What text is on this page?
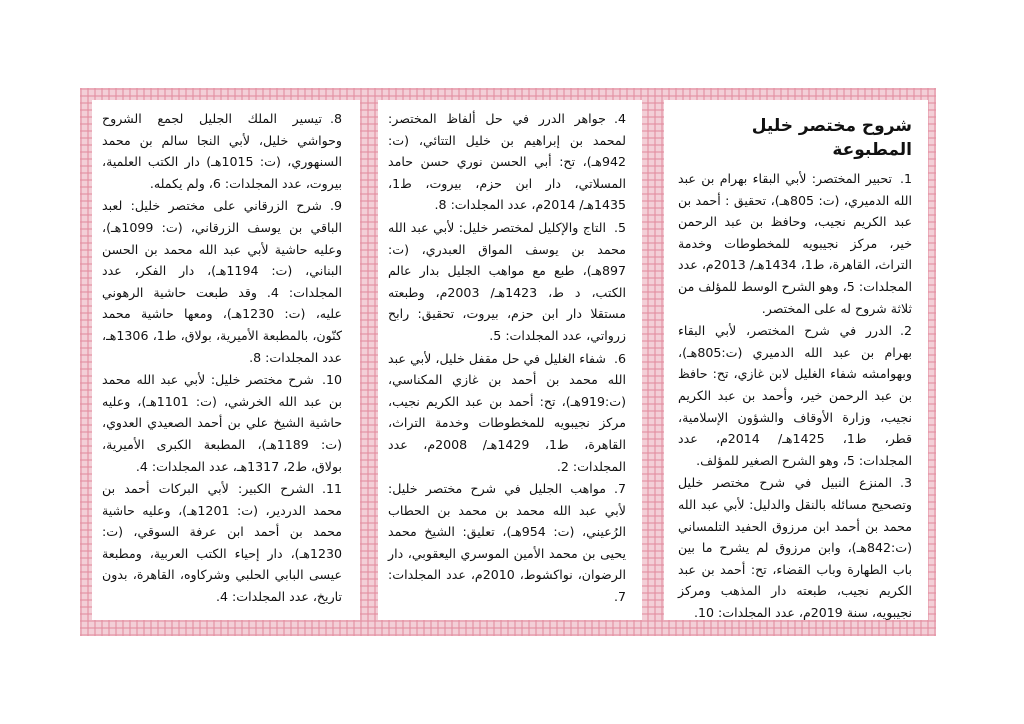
شروح مختصر خليل المطبوعة
1.تحبير المختصر: لأبي البقاء بهرام بن عبد الله الدميري، (ت: 805هـ)، تحقيق : أحمد بن عبد الكريم نجيب، وحافظ بن عبد الرحمن خير، مركز نجيبويه للمخطوطات وخدمة التراث، القاهرة، ط1، 1434هـ/ 2013م، عدد المجلدات: 5، وهو الشرح الوسط للمؤلف من ثلاثة شروح له على المختصر.
2.الدرر في شرح المختصر، لأبي البقاء بهرام بن عبد الله الدميري (ت:805هـ)، وبهوامشه شفاء الغليل لابن غازي، تح: حافظ بن عبد الرحمن خير، وأحمد بن عبد الكريم نجيب، وزارة الأوقاف والشؤون الإسلامية، قطر، ط1، 1425هـ/ 2014م، عدد المجلدات: 5، وهو الشرح الصغير للمؤلف.
3.المنزع النبيل في شرح مختصر خليل وتصحيح مسائله بالنقل والدليل: لأبي عبد الله محمد بن أحمد ابن مرزوق الحفيد التلمساني (ت:842هـ)، وابن مرزوق لم يشرح ما بين باب الطهارة وباب القضاء، تح: أحمد بن عبد الكريم نجيب، طبعته دار المذهب ومركز نجيبويه، سنة 2019م، عدد المجلدات: 10.
4.جواهر الدرر في حل ألفاظ المختصر: لمحمد بن إبراهيم بن خليل التتائي، (ت: 942هـ)، تح: أبي الحسن نوري حسن حامد المسلاتي، دار ابن حزم، بيروت، ط1، 1435هـ/ 2014م، عدد المجلدات: 8.
5.التاج والإكليل لمختصر خليل: لأبي عبد الله محمد بن يوسف المواق العبدري، (ت: 897هـ)، طبع مع مواهب الجليل بدار عالم الكتب، د ط، 1423هـ/ 2003م، وطبعته مستقلا دار ابن حزم، بيروت، تحقيق: رابح زرواتي، عدد المجلدات: 5.
6.شفاء الغليل في حل مقفل خليل، لأبي عبد الله محمد بن أحمد بن غازي المكناسي، (ت:919هـ)، تح: أحمد بن عبد الكريم نجيب، مركز نجيبويه للمخطوطات وخدمة التراث، القاهرة، ط1، 1429هـ/ 2008م، عدد المجلدات: 2.
7.مواهب الجليل في شرح مختصر خليل: لأبي عبد الله محمد بن محمد بن الحطاب الرُعيني، (ت: 954هـ)، تعليق: الشيخ محمد يحيى بن محمد الأمين الموسري اليعقوبي، دار الرضوان، نواكشوط، 2010م، عدد المجلدات: 7.
8.تيسير الملك الجليل لجمع الشروح وحواشي خليل، لأبي النجا سالم بن محمد السنهوري، (ت: 1015هـ) دار الكتب العلمية، بيروت، عدد المجلدات: 6، ولم يكمله.
9.شرح الزرقاني على مختصر خليل: لعبد الباقي بن يوسف الزرقاني، (ت: 1099هـ)، وعليه حاشية لأبي عبد الله محمد بن الحسن البناني، (ت: 1194هـ)، دار الفكر، عدد المجلدات: 4. وقد طبعت حاشية الرهوني عليه، (ت: 1230هـ)، ومعها حاشية محمد كنّون، بالمطبعة الأميرية، بولاق، ط1، 1306هـ، عدد المجلدات: 8.
10.شرح مختصر خليل: لأبي عبد الله محمد بن عبد الله الخرشي، (ت: 1101هـ)، وعليه حاشية الشيخ علي بن أحمد الصعيدي العدوي، (ت: 1189هـ)، المطبعة الكبرى الأميرية، بولاق، ط2، 1317هـ، عدد المجلدات: 4.
11.الشرح الكبير: لأبي البركات أحمد بن محمد الدردير، (ت: 1201هـ)، وعليه حاشية محمد بن أحمد ابن عرفة السوقي، (ت: 1230هـ)، دار إحياء الكتب العربية، ومطبعة عيسى البابي الحلبي وشركاوه، القاهرة، بدون تاريخ، عدد المجلدات: 4.
